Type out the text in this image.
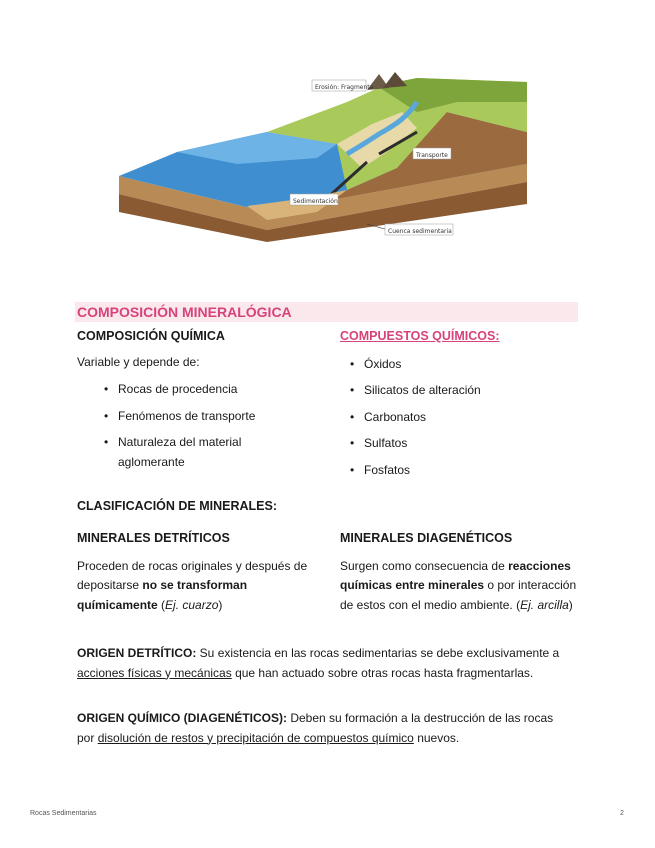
Erosión: Fragmenta
Transporte
Sedimentación
Cuenca sedimentaria
COMPOSICIÓN MINERALÓGICA
COMPOSICIÓN QUÍMICA

Variable y depende de:

• Rocas de procedencia
• Fenómenos de transporte
• Naturaleza del material aglomerante
COMPUESTOS QUÍMICOS:
• Óxidos
• Silicatos de alteración
• Carbonatos
• Sulfatos
• Fosfatos
CLASIFICACIÓN DE MINERALES:
MINERALES DETRÍTICOS

Proceden de rocas originales y después de depositarse no se transforman químicamente (Ej. cuarzo)

MINERALES DIAGENÉTICOS

Surgen como consecuencia de reacciones químicas entre minerales o por interacción de estos con el medio ambiente. (Ej. arcilla)

ORIGEN DETRÍTICO: Su existencia en las rocas sedimentarias se debe exclusivamente a acciones físicas y mecánicas que han actuado sobre otras rocas hasta fragmentarlas.

ORIGEN QUÍMICO (DIAGENÉTICOS): Deben su formación a la destrucción de las rocas por disolución de restos y precipitación de compuestos químico nuevos.

Rocas Sedimentarias	2
